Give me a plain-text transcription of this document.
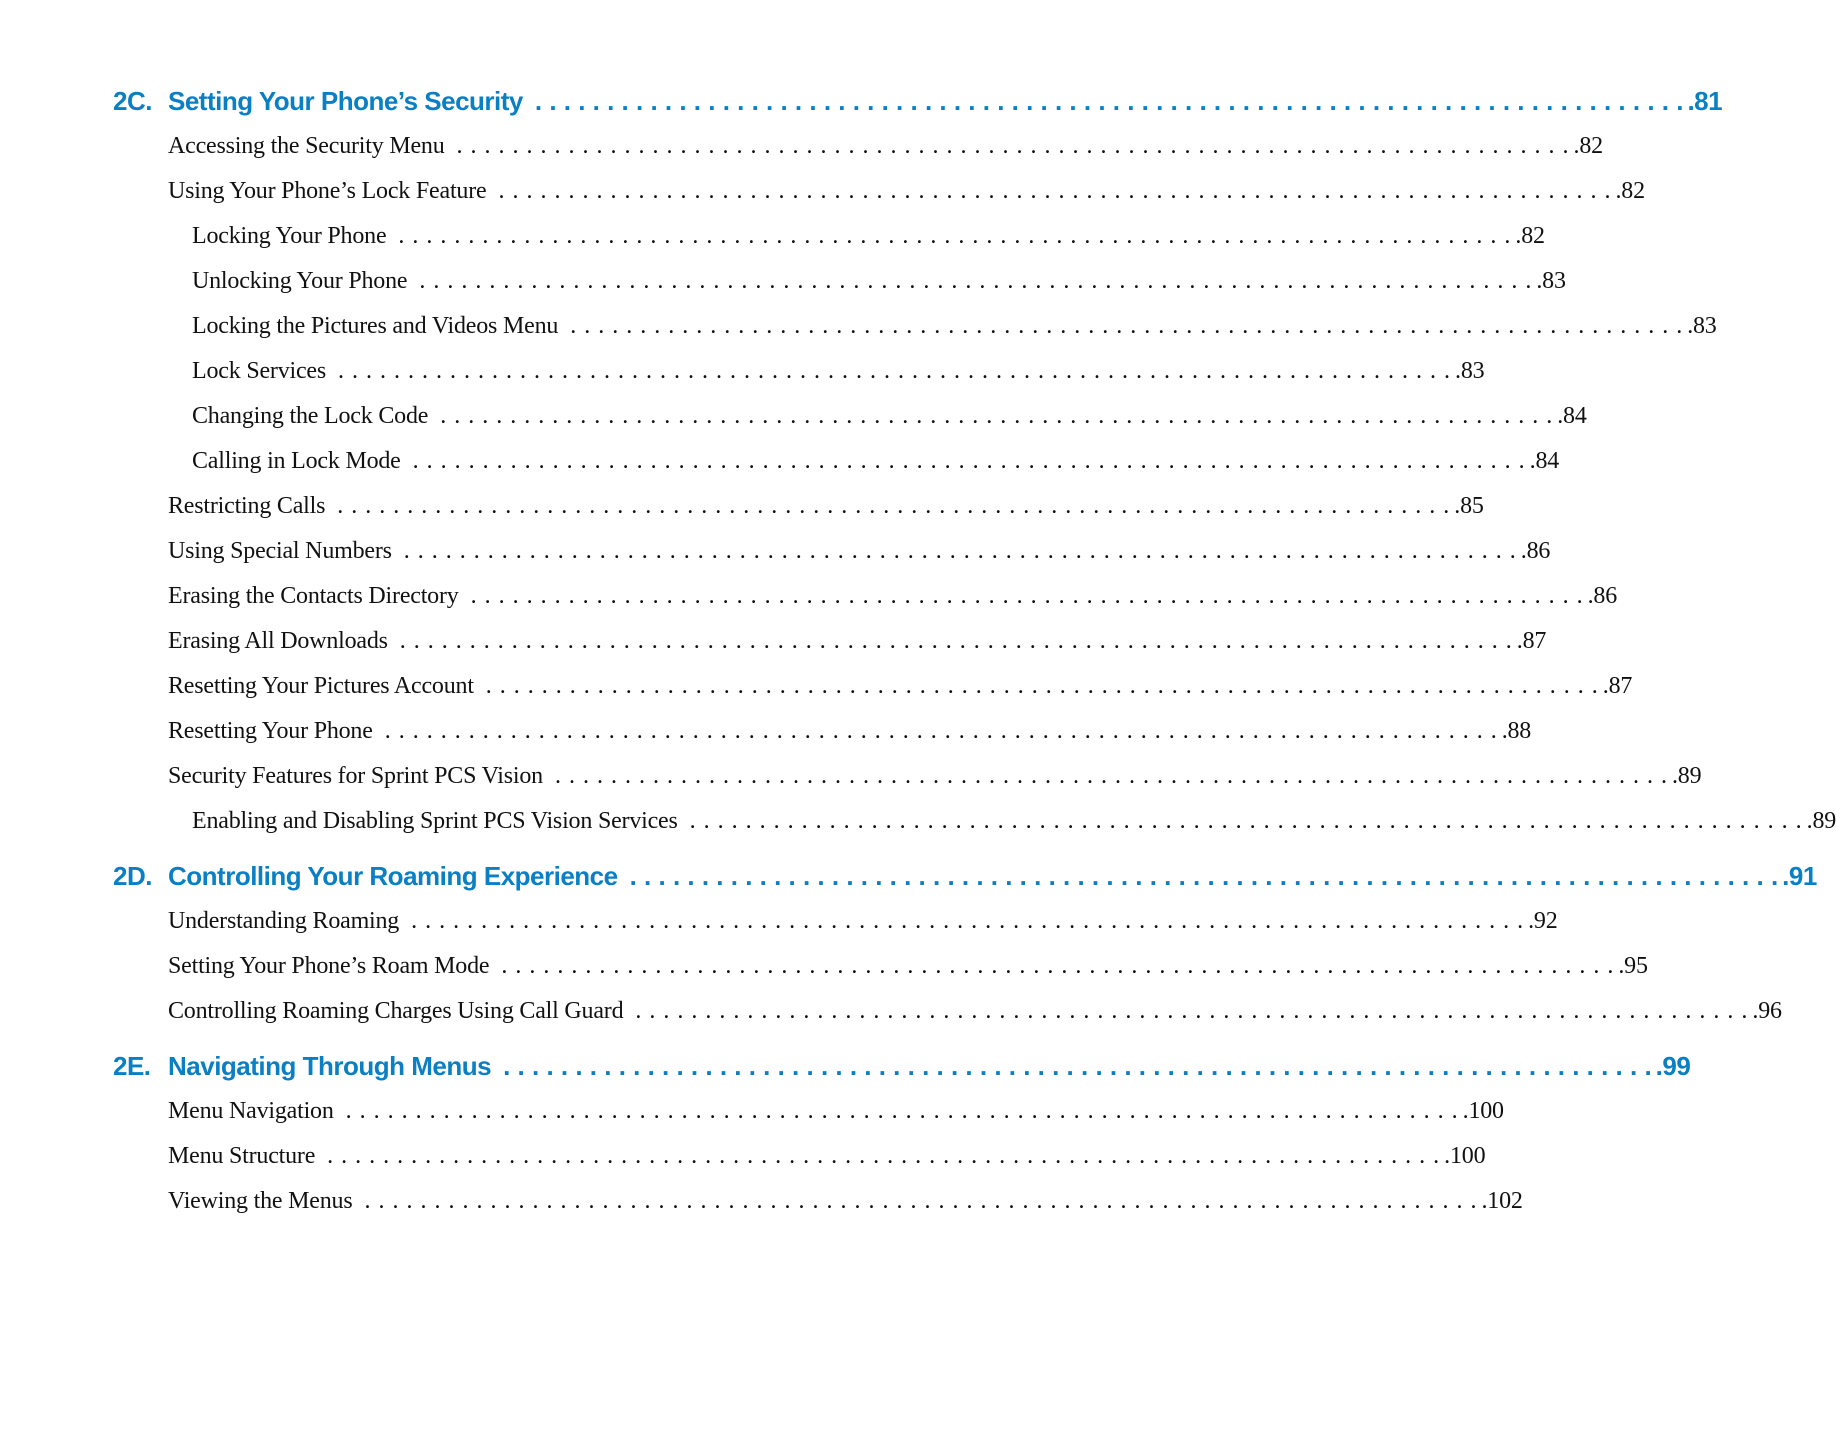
2C. Setting Your Phone’s Security . . . . . . . . . . . . . . . . . . . . . . . . . . . . . . . . . . . . . . . . . . . . . . . . . . . . . . . . . . . . . . . . . . . . . . . . . . . . . . . . .81
Accessing the Security Menu . . . . . . . . . . . . . . . . . . . . . . . . . . . . . . . . . . . . . . . . . . . . . . . . . . . . . . . . . . . . . . . . . . . . . . . . . . . . . . . . .82
Using Your Phone’s Lock Feature . . . . . . . . . . . . . . . . . . . . . . . . . . . . . . . . . . . . . . . . . . . . . . . . . . . . . . . . . . . . . . . . . . . . . . . . . . . . . . . . .82
Locking Your Phone . . . . . . . . . . . . . . . . . . . . . . . . . . . . . . . . . . . . . . . . . . . . . . . . . . . . . . . . . . . . . . . . . . . . . . . . . . . . . . . . .82
Unlocking Your Phone . . . . . . . . . . . . . . . . . . . . . . . . . . . . . . . . . . . . . . . . . . . . . . . . . . . . . . . . . . . . . . . . . . . . . . . . . . . . . . . . .83
Locking the Pictures and Videos Menu . . . . . . . . . . . . . . . . . . . . . . . . . . . . . . . . . . . . . . . . . . . . . . . . . . . . . . . . . . . . . . . . . . . . . . . . . . . . . . . . .83
Lock Services . . . . . . . . . . . . . . . . . . . . . . . . . . . . . . . . . . . . . . . . . . . . . . . . . . . . . . . . . . . . . . . . . . . . . . . . . . . . . . . . .83
Changing the Lock Code . . . . . . . . . . . . . . . . . . . . . . . . . . . . . . . . . . . . . . . . . . . . . . . . . . . . . . . . . . . . . . . . . . . . . . . . . . . . . . . . .84
Calling in Lock Mode . . . . . . . . . . . . . . . . . . . . . . . . . . . . . . . . . . . . . . . . . . . . . . . . . . . . . . . . . . . . . . . . . . . . . . . . . . . . . . . . .84
Restricting Calls . . . . . . . . . . . . . . . . . . . . . . . . . . . . . . . . . . . . . . . . . . . . . . . . . . . . . . . . . . . . . . . . . . . . . . . . . . . . . . . . .85
Using Special Numbers . . . . . . . . . . . . . . . . . . . . . . . . . . . . . . . . . . . . . . . . . . . . . . . . . . . . . . . . . . . . . . . . . . . . . . . . . . . . . . . . .86
Erasing the Contacts Directory . . . . . . . . . . . . . . . . . . . . . . . . . . . . . . . . . . . . . . . . . . . . . . . . . . . . . . . . . . . . . . . . . . . . . . . . . . . . . . . . .86
Erasing All Downloads . . . . . . . . . . . . . . . . . . . . . . . . . . . . . . . . . . . . . . . . . . . . . . . . . . . . . . . . . . . . . . . . . . . . . . . . . . . . . . . . .87
Resetting Your Pictures Account . . . . . . . . . . . . . . . . . . . . . . . . . . . . . . . . . . . . . . . . . . . . . . . . . . . . . . . . . . . . . . . . . . . . . . . . . . . . . . . . .87
Resetting Your Phone . . . . . . . . . . . . . . . . . . . . . . . . . . . . . . . . . . . . . . . . . . . . . . . . . . . . . . . . . . . . . . . . . . . . . . . . . . . . . . . . .88
Security Features for Sprint PCS Vision . . . . . . . . . . . . . . . . . . . . . . . . . . . . . . . . . . . . . . . . . . . . . . . . . . . . . . . . . . . . . . . . . . . . . . . . . . . . . . . . .89
Enabling and Disabling Sprint PCS Vision Services . . . . . . . . . . . . . . . . . . . . . . . . . . . . . . . . . . . . . . . . . . . . . . . . . . . . . . . . . . . . . . . . . . . . . . . . . . . . . . . . .89
2D. Controlling Your Roaming Experience . . . . . . . . . . . . . . . . . . . . . . . . . . . . . . . . . . . . . . . . . . . . . . . . . . . . . . . . . . . . . . . . . . . . . . . . . . . . . . . . .91
Understanding Roaming . . . . . . . . . . . . . . . . . . . . . . . . . . . . . . . . . . . . . . . . . . . . . . . . . . . . . . . . . . . . . . . . . . . . . . . . . . . . . . . . .92
Setting Your Phone’s Roam Mode . . . . . . . . . . . . . . . . . . . . . . . . . . . . . . . . . . . . . . . . . . . . . . . . . . . . . . . . . . . . . . . . . . . . . . . . . . . . . . . . .95
Controlling Roaming Charges Using Call Guard . . . . . . . . . . . . . . . . . . . . . . . . . . . . . . . . . . . . . . . . . . . . . . . . . . . . . . . . . . . . . . . . . . . . . . . . . . . . . . . . .96
2E. Navigating Through Menus . . . . . . . . . . . . . . . . . . . . . . . . . . . . . . . . . . . . . . . . . . . . . . . . . . . . . . . . . . . . . . . . . . . . . . . . . . . . . . . . .99
Menu Navigation . . . . . . . . . . . . . . . . . . . . . . . . . . . . . . . . . . . . . . . . . . . . . . . . . . . . . . . . . . . . . . . . . . . . . . . . . . . . . . . . .100
Menu Structure . . . . . . . . . . . . . . . . . . . . . . . . . . . . . . . . . . . . . . . . . . . . . . . . . . . . . . . . . . . . . . . . . . . . . . . . . . . . . . . . .100
Viewing the Menus . . . . . . . . . . . . . . . . . . . . . . . . . . . . . . . . . . . . . . . . . . . . . . . . . . . . . . . . . . . . . . . . . . . . . . . . . . . . . . . . .102
